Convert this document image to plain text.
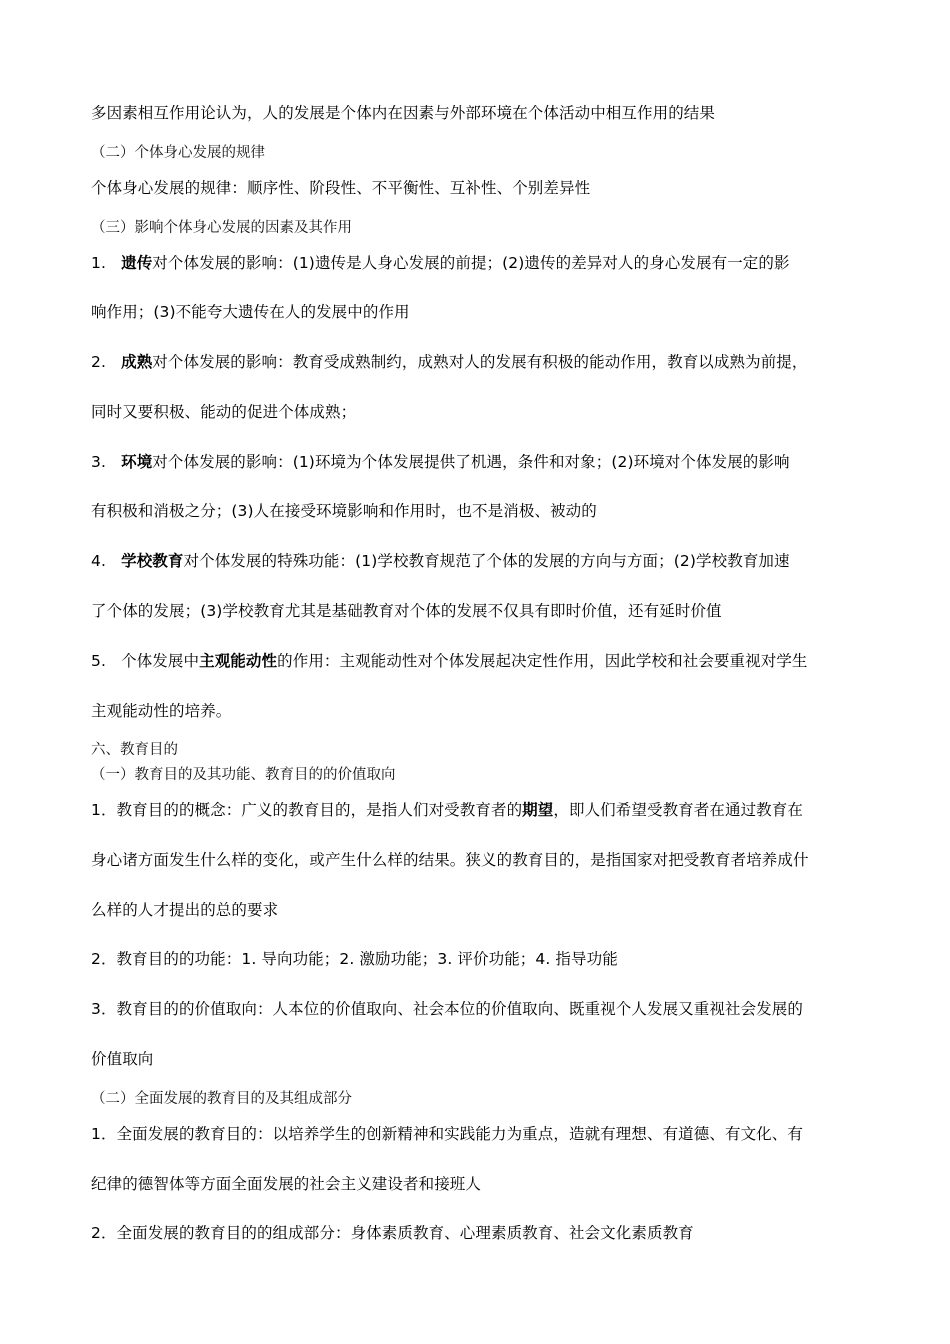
多因素相互作用论认为，人的发展是个体内在因素与外部环境在个体活动中相互作用的结果
（二）个体身心发展的规律
个体身心发展的规律：顺序性、阶段性、不平衡性、互补性、个别差异性
（三）影响个体身心发展的因素及其作用
1. 遗传对个体发展的影响：(1)遗传是人身心发展的前提；(2)遗传的差异对人的身心发展有一定的影
响作用；(3)不能夸大遗传在人的发展中的作用
2. 成熟对个体发展的影响：教育受成熟制约，成熟对人的发展有积极的能动作用，教育以成熟为前提，
同时又要积极、能动的促进个体成熟；
3. 环境对个体发展的影响：(1)环境为个体发展提供了机遇，条件和对象；(2)环境对个体发展的影响
有积极和消极之分；(3)人在接受环境影响和作用时，也不是消极、被动的
4. 学校教育对个体发展的特殊功能：(1)学校教育规范了个体的发展的方向与方面；(2)学校教育加速
了个体的发展；(3)学校教育尤其是基础教育对个体的发展不仅具有即时价值，还有延时价值
5. 个体发展中主观能动性的作用：主观能动性对个体发展起决定性作用，因此学校和社会要重视对学生
主观能动性的培养。
六、教育目的
（一）教育目的及其功能、教育目的的价值取向
1．教育目的的概念：广义的教育目的，是指人们对受教育者的期望，即人们希望受教育者在通过教育在
身心诸方面发生什么样的变化，或产生什么样的结果。狭义的教育目的，是指国家对把受教育者培养成什
么样的人才提出的总的要求
2．教育目的的功能：1. 导向功能；2. 激励功能；3. 评价功能；4. 指导功能
3．教育目的的价值取向：人本位的价值取向、社会本位的价值取向、既重视个人发展又重视社会发展的
价值取向
（二）全面发展的教育目的及其组成部分
1．全面发展的教育目的：以培养学生的创新精神和实践能力为重点，造就有理想、有道德、有文化、有
纪律的德智体等方面全面发展的社会主义建设者和接班人
2．全面发展的教育目的的组成部分：身体素质教育、心理素质教育、社会文化素质教育
